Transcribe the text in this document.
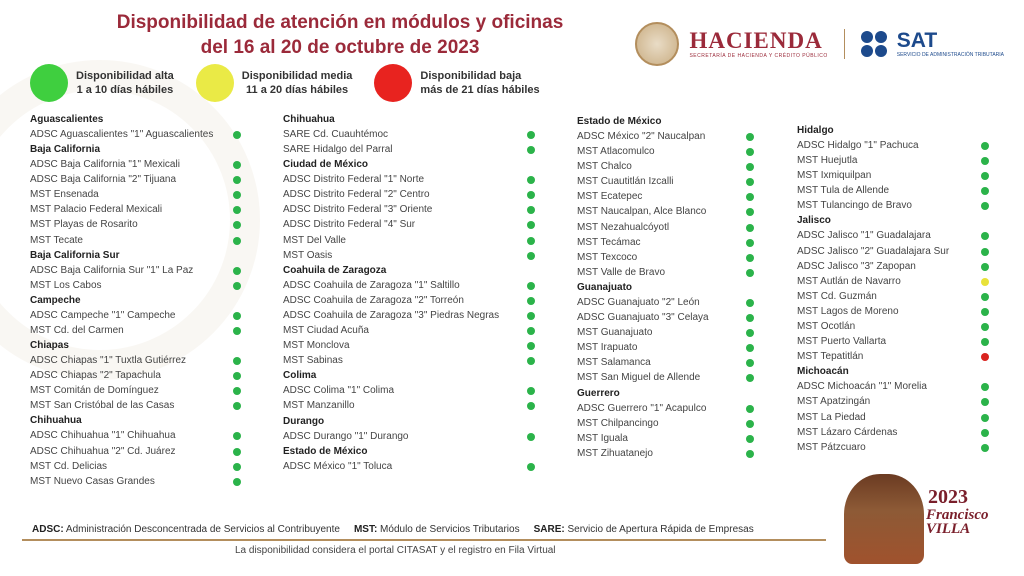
Disponibilidad de atención en módulos y oficinas
del 16 al 20 de octubre de 2023	HACIENDA
SECRETARÍA DE HACIENDA Y CRÉDITO PÚBLICO
SAT
SERVICIO DE ADMINISTRACIÓN TRIBUTARIA
Disponibilidad alta
1 a 10 días hábiles
Disponibilidad media
11 a 20 días hábiles
Disponibilidad baja
más de 21 días hábiles
Aguascalientes
ADSC Aguascalientes "1" Aguascalientes
Baja California
ADSC Baja California "1" Mexicali
ADSC Baja California "2" Tijuana
MST Ensenada
MST Palacio Federal Mexicali
MST Playas de Rosarito
MST Tecate
Baja California Sur
ADSC Baja California Sur "1" La Paz
MST Los Cabos
Campeche
ADSC Campeche "1" Campeche
MST Cd. del Carmen
Chiapas
ADSC Chiapas "1" Tuxtla Gutiérrez
ADSC Chiapas "2" Tapachula
MST Comitán de Domínguez
MST San Cristóbal de las Casas
Chihuahua
ADSC Chihuahua "1" Chihuahua
ADSC Chihuahua "2" Cd. Juárez
MST Cd. Delicias
MST Nuevo Casas Grandes
Chihuahua
SARE Cd. Cuauhtémoc
SARE Hidalgo del Parral
Ciudad de México
ADSC Distrito Federal "1" Norte
ADSC Distrito Federal "2" Centro
ADSC Distrito Federal "3" Oriente
ADSC Distrito Federal "4" Sur
MST Del Valle
MST Oasis
Coahuila de Zaragoza
ADSC Coahuila de Zaragoza "1" Saltillo
ADSC Coahuila de Zaragoza "2" Torreón
ADSC Coahuila de Zaragoza "3" Piedras Negras
MST Ciudad Acuña
MST Monclova
MST Sabinas
Colima
ADSC Colima "1" Colima
MST Manzanillo
Durango
ADSC Durango "1" Durango
Estado de México
ADSC México "1" Toluca
Estado de México
ADSC México "2" Naucalpan
MST Atlacomulco
MST Chalco
MST Cuautitlán Izcalli
MST Ecatepec
MST Naucalpan, Alce Blanco
MST Nezahualcóyotl
MST Tecámac
MST Texcoco
MST Valle de Bravo
Guanajuato
ADSC Guanajuato "2" León
ADSC Guanajuato "3" Celaya
MST Guanajuato
MST Irapuato
MST Salamanca
MST San Miguel de Allende
Guerrero
ADSC Guerrero "1" Acapulco
MST Chilpancingo
MST Iguala
MST Zihuatanejo
Hidalgo
ADSC Hidalgo "1" Pachuca
MST Huejutla
MST Ixmiquilpan
MST Tula de Allende
MST Tulancingo de Bravo
Jalisco
ADSC Jalisco "1" Guadalajara
ADSC Jalisco "2" Guadalajara Sur
ADSC Jalisco "3" Zapopan
MST Autlán de Navarro
MST Cd. Guzmán
MST Lagos de Moreno
MST Ocotlán
MST Puerto Vallarta
MST Tepatitlán
Michoacán
ADSC Michoacán "1" Morelia
MST Apatzingán
MST La Piedad
MST Lázaro Cárdenas
MST Pátzcuaro
ADSC: Administración Desconcentrada de Servicios al Contribuyente MST: Módulo de Servicios Tributarios SARE: Servicio de Apertura Rápida de Empresas
La disponibilidad considera el portal CITASAT y el registro en Fila Virtual
2023
Francisco
VILLA
